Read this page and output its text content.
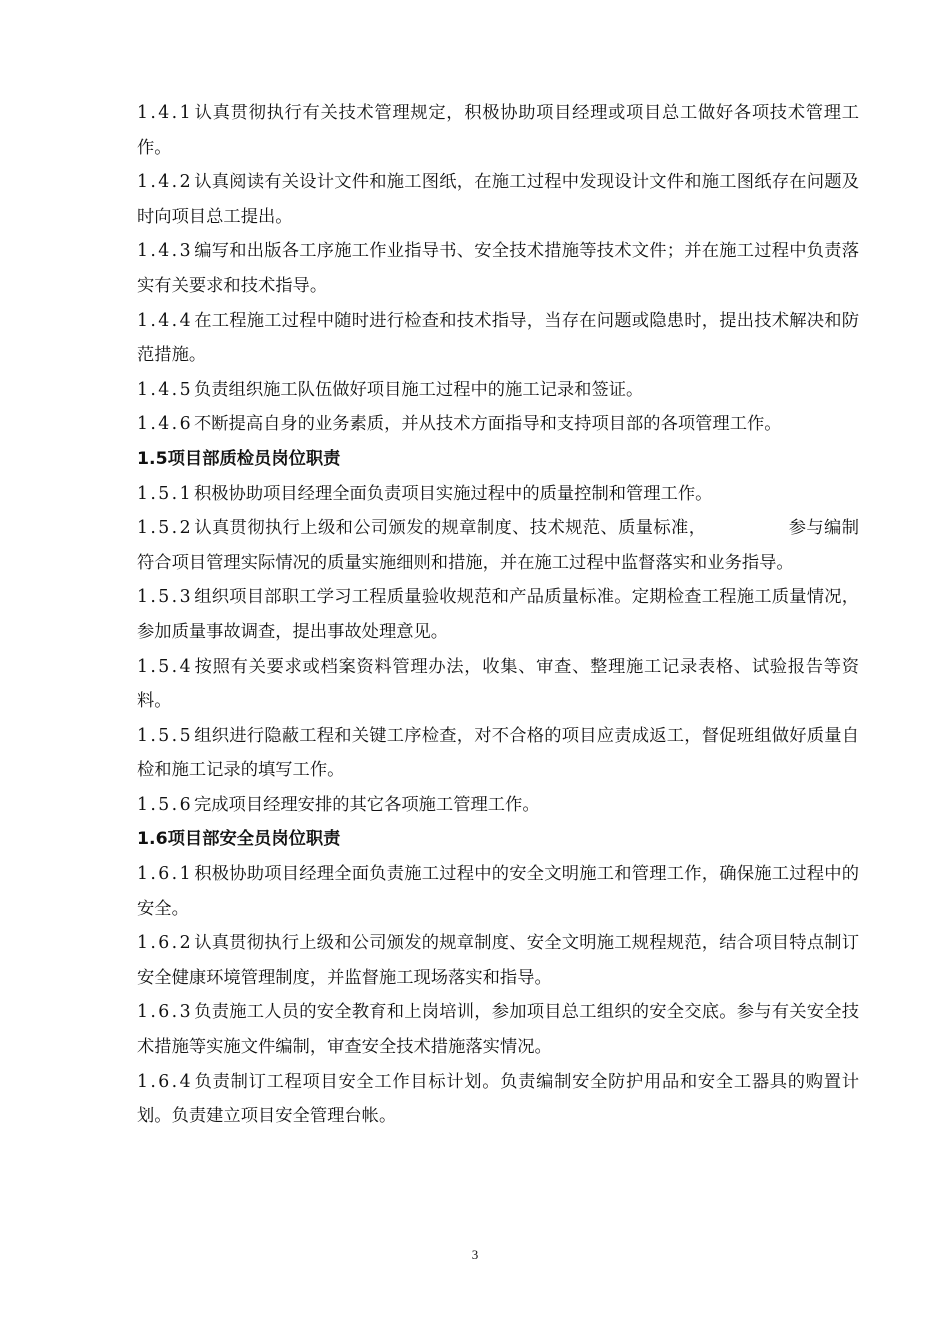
1.4.1认真贯彻执行有关技术管理规定，积极协助项目经理或项目总工做好各项技术管理工作。

1.4.2认真阅读有关设计文件和施工图纸，在施工过程中发现设计文件和施工图纸存在问题及时向项目总工提出。

1.4.3编写和出版各工序施工作业指导书、安全技术措施等技术文件；并在施工过程中负责落实有关要求和技术指导。

1.4.4在工程施工过程中随时进行检查和技术指导，当存在问题或隐患时，提出技术解决和防范措施。

1.4.5负责组织施工队伍做好项目施工过程中的施工记录和签证。

1.4.6不断提高自身的业务素质，并从技术方面指导和支持项目部的各项管理工作。

1.5项目部质检员岗位职责

1.5.1积极协助项目经理全面负责项目实施过程中的质量控制和管理工作。

1.5.2认真贯彻执行上级和公司颁发的规章制度、技术规范、质量标准，	参与编制符合项目管理实际情况的质量实施细则和措施，并在施工过程中监督落实和业务指导。

1.5.3组织项目部职工学习工程质量验收规范和产品质量标准。定期检查工程施工质量情况，参加质量事故调查，提出事故处理意见。

1.5.4按照有关要求或档案资料管理办法，收集、审查、整理施工记录表格、试验报告等资料。

1.5.5组织进行隐蔽工程和关键工序检查，对不合格的项目应责成返工，督促班组做好质量自检和施工记录的填写工作。

1.5.6完成项目经理安排的其它各项施工管理工作。

1.6项目部安全员岗位职责

1.6.1积极协助项目经理全面负责施工过程中的安全文明施工和管理工作，确保施工过程中的安全。

1.6.2认真贯彻执行上级和公司颁发的规章制度、安全文明施工规程规范，结合项目特点制订安全健康环境管理制度，并监督施工现场落实和指导。

1.6.3负责施工人员的安全教育和上岗培训，参加项目总工组织的安全交底。参与有关安全技术措施等实施文件编制，审查安全技术措施落实情况。

1.6.4负责制订工程项目安全工作目标计划。负责编制安全防护用品和安全工器具的购置计划。负责建立项目安全管理台帐。

3
